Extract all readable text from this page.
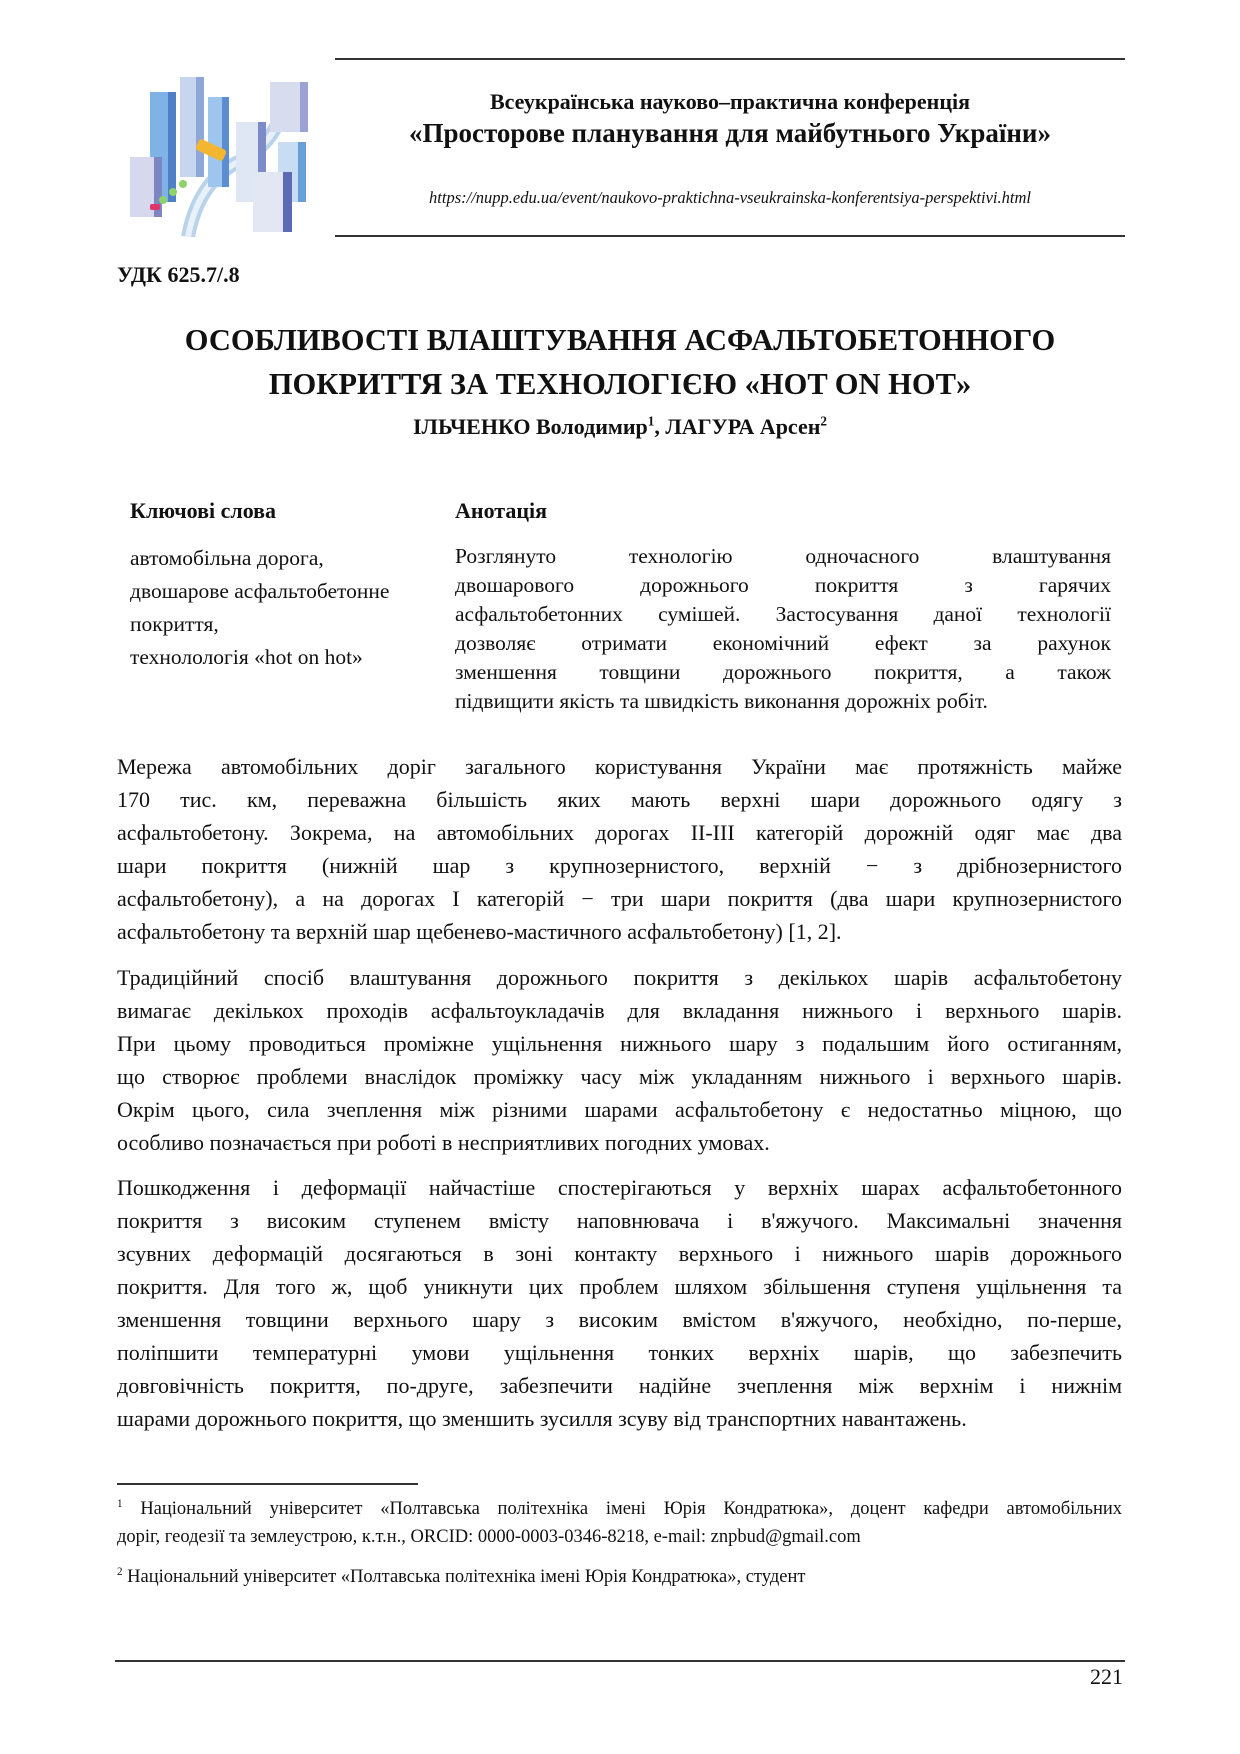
Всеукраїнська науково–практична конференція
«Просторове планування для майбутнього України»
https://nupp.edu.ua/event/naukovo-praktichna-vseukrainska-konferentsiya-perspektivi.html
УДК 625.7/.8
ОСОБЛИВОСТІ ВЛАШТУВАННЯ АСФАЛЬТОБЕТОННОГО
ПОКРИТТЯ ЗА ТЕХНОЛОГІЄЮ «HOT ON HOT»
ІЛЬЧЕНКО Володимир$^1$, ЛАГУРА Арсен$^2$
Ключові слова	Анотація
автомобільна дорога,
двошарове асфальтобетонне
покриття,
технолологія «hot on hot»
Розглянуто технологію одночасного влаштування
двошарового дорожнього покриття з гарячих
асфальтобетонних сумішей. Застосування даної технології
дозволяє отримати економічний ефект за рахунок
зменшення товщини дорожнього покриття, а також
підвищити якість та швидкість виконання дорожніх робіт.
Мережа автомобільних доріг загального користування України має протяжність майже
170 тис. км, переважна більшість яких мають верхні шари дорожнього одягу з
асфальтобетону. Зокрема, на автомобільних дорогах ІІ-ІІІ категорій дорожній одяг має два
шари покриття (нижній шар з крупнозернистого, верхній − з дрібнозернистого
асфальтобетону), а на дорогах І категорій − три шари покриття (два шари крупнозернистого
асфальтобетону та верхній шар щебенево-мастичного асфальтобетону) [1, 2].
Традиційний спосіб влаштування дорожнього покриття з декількох шарів асфальтобетону
вимагає декількох проходів асфальтоукладачів для вкладання нижнього і верхнього шарів.
При цьому проводиться проміжне ущільнення нижнього шару з подальшим його остиганням,
що створює проблеми внаслідок проміжку часу між укладанням нижнього і верхнього шарів.
Окрім цього, сила зчеплення між різними шарами асфальтобетону є недостатньо міцною, що
особливо позначається при роботі в несприятливих погодних умовах.
Пошкодження і деформації найчастіше спостерігаються у верхніх шарах асфальтобетонного
покриття з високим ступенем вмісту наповнювача і в'яжучого. Максимальні значення
зсувних деформацій досягаються в зоні контакту верхнього і нижнього шарів дорожнього
покриття. Для того ж, щоб уникнути цих проблем шляхом збільшення ступеня ущільнення та
зменшення товщини верхнього шару з високим вмістом в'яжучого, необхідно, по-перше,
поліпшити температурні умови ущільнення тонких верхніх шарів, що забезпечить
довговічність покриття, по-друге, забезпечити надійне зчеплення між верхнім і нижнім
шарами дорожнього покриття, що зменшить зусилля зсуву від транспортних навантажень.
$^1$ Національний університет «Полтавська політехніка імені Юрія Кондратюка», доцент кафедри автомобільних
доріг, геодезії та землеустрою, к.т.н., ORCID: 0000-0003-0346-8218, e-mail: znpbud@gmail.com
$^2$ Національний університет «Полтавська політехніка імені Юрія Кондратюка», студент
221
